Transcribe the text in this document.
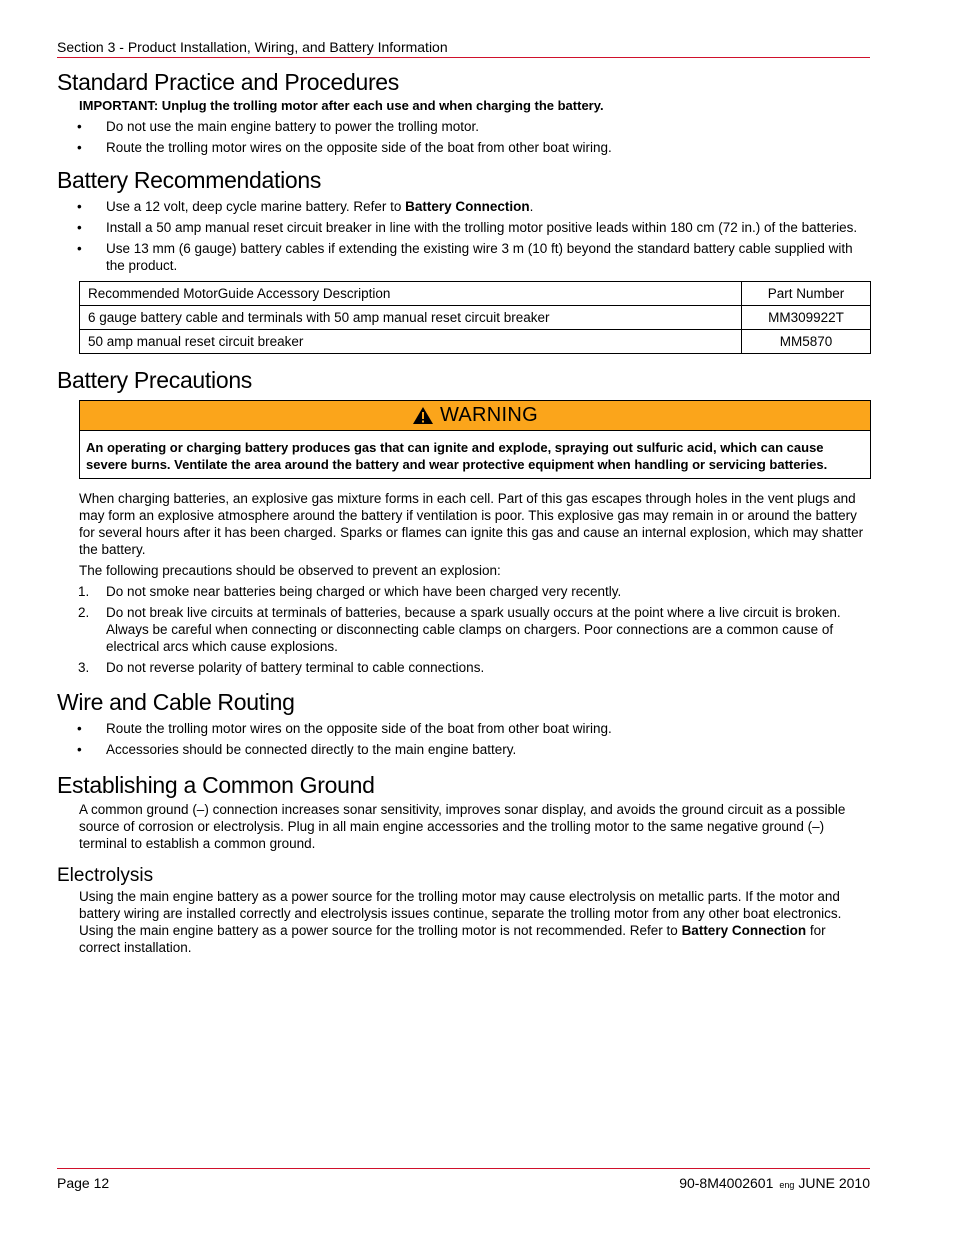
Section 3 - Product Installation, Wiring, and Battery Information
Standard Practice and Procedures
IMPORTANT: Unplug the trolling motor after each use and when charging the battery.
• Do not use the main engine battery to power the trolling motor.
• Route the trolling motor wires on the opposite side of the boat from other boat wiring.
Battery Recommendations
• Use a 12 volt, deep cycle marine battery. Refer to Battery Connection.
• Install a 50 amp manual reset circuit breaker in line with the trolling motor positive leads within 180 cm (72 in.) of the batteries.
• Use 13 mm (6 gauge) battery cables if extending the existing wire 3 m (10 ft) beyond the standard battery cable supplied with the product.
Recommended MotorGuide Accessory Description	Part Number
6 gauge battery cable and terminals with 50 amp manual reset circuit breaker	MM309922T
50 amp manual reset circuit breaker	MM5870
Battery Precautions
WARNING
An operating or charging battery produces gas that can ignite and explode, spraying out sulfuric acid, which can cause severe burns. Ventilate the area around the battery and wear protective equipment when handling or servicing batteries.

When charging batteries, an explosive gas mixture forms in each cell. Part of this gas escapes through holes in the vent plugs and may form an explosive atmosphere around the battery if ventilation is poor. This explosive gas may remain in or around the battery for several hours after it has been charged. Sparks or flames can ignite this gas and cause an internal explosion, which may shatter the battery.

The following precautions should be observed to prevent an explosion:

1. Do not smoke near batteries being charged or which have been charged very recently.
2. Do not break live circuits at terminals of batteries, because a spark usually occurs at the point where a live circuit is broken. Always be careful when connecting or disconnecting cable clamps on chargers. Poor connections are a common cause of electrical arcs which cause explosions.
3. Do not reverse polarity of battery terminal to cable connections.
Wire and Cable Routing
• Route the trolling motor wires on the opposite side of the boat from other boat wiring.
• Accessories should be connected directly to the main engine battery.
Establishing a Common Ground

A common ground (–) connection increases sonar sensitivity, improves sonar display, and avoids the ground circuit as a possible source of corrosion or electrolysis. Plug in all main engine accessories and the trolling motor to the same negative ground (–) terminal to establish a common ground.

Electrolysis

Using the main engine battery as a power source for the trolling motor may cause electrolysis on metallic parts. If the motor and battery wiring are installed correctly and electrolysis issues continue, separate the trolling motor from any other boat electronics. Using the main engine battery as a power source for the trolling motor is not recommended. Refer to Battery Connection for correct installation.

Page 12	90-8M4002601 eng JUNE 2010
